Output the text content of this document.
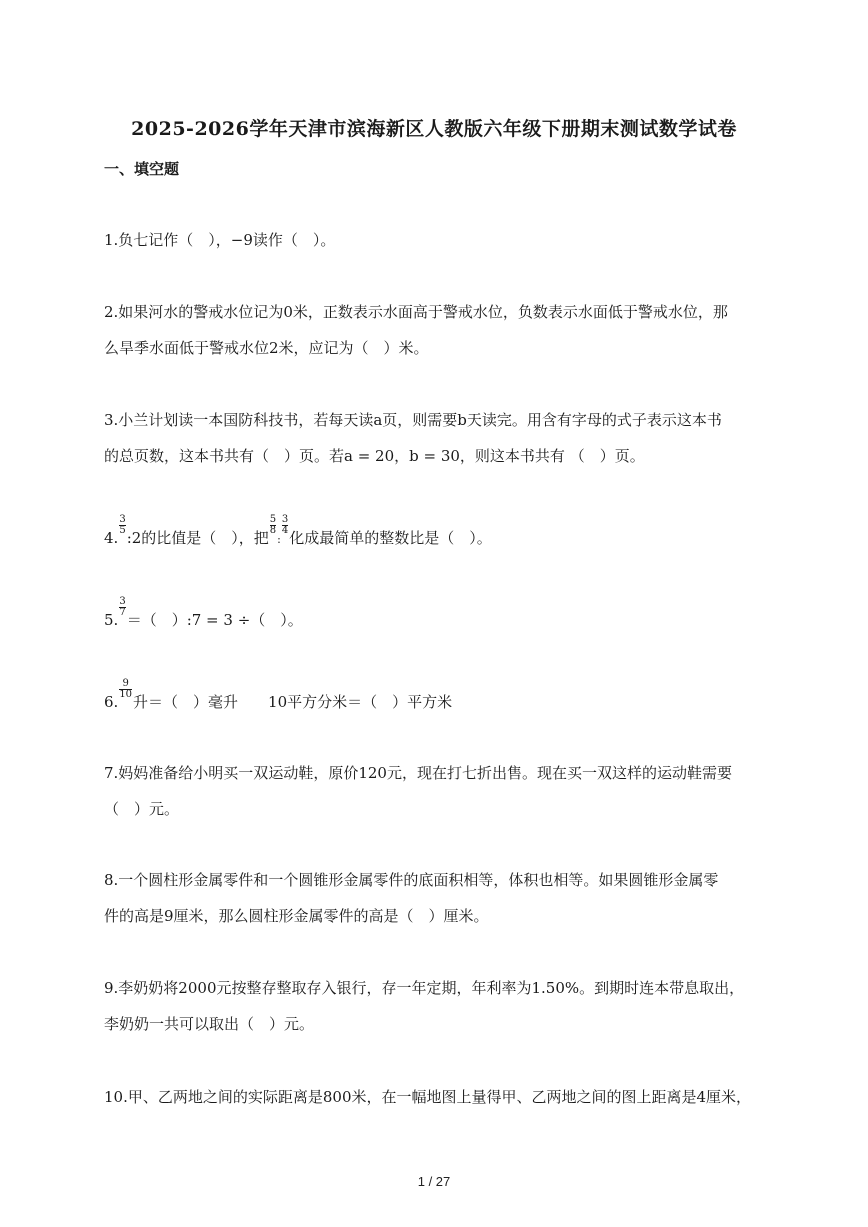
2025-2026学年天津市滨海新区人教版六年级下册期末测试数学试卷
一、填空题

1.负七记作（　），−9读作（　）。

2.如果河水的警戒水位记为0米，正数表示水面高于警戒水位，负数表示水面低于警戒水位，那

么旱季水面低于警戒水位2米，应记为（　）米。

3.小兰计划读一本国防科技书，若每天读a页，则需要b天读完。用含有字母的式子表示这本书

的总页数，这本书共有（　）页。若a = 20，b = 30，则这本书共有 （　）页。

4. $\frac{3}{5}$ :2的比值是（　），把 $\frac{5}{8}$ : $\frac{3}{4}$ 化成最简单的整数比是（　）。

5. $\frac{3}{7}$ ＝（　）:7 = 3 ÷（　）。

6. $\frac{9}{10}$ 升＝（　）毫升　　10平方分米＝（　）平方米

7.妈妈准备给小明买一双运动鞋，原价120元，现在打七折出售。现在买一双这样的运动鞋需要

（　）元。

8.一个圆柱形金属零件和一个圆锥形金属零件的底面积相等，体积也相等。如果圆锥形金属零

件的高是9厘米，那么圆柱形金属零件的高是（　）厘米。

9.李奶奶将2000元按整存整取存入银行，存一年定期，年利率为1.50%。到期时连本带息取出，

李奶奶一共可以取出（　）元。

10.甲、乙两地之间的实际距离是800米，在一幅地图上量得甲、乙两地之间的图上距离是4厘米，

1 / 27
